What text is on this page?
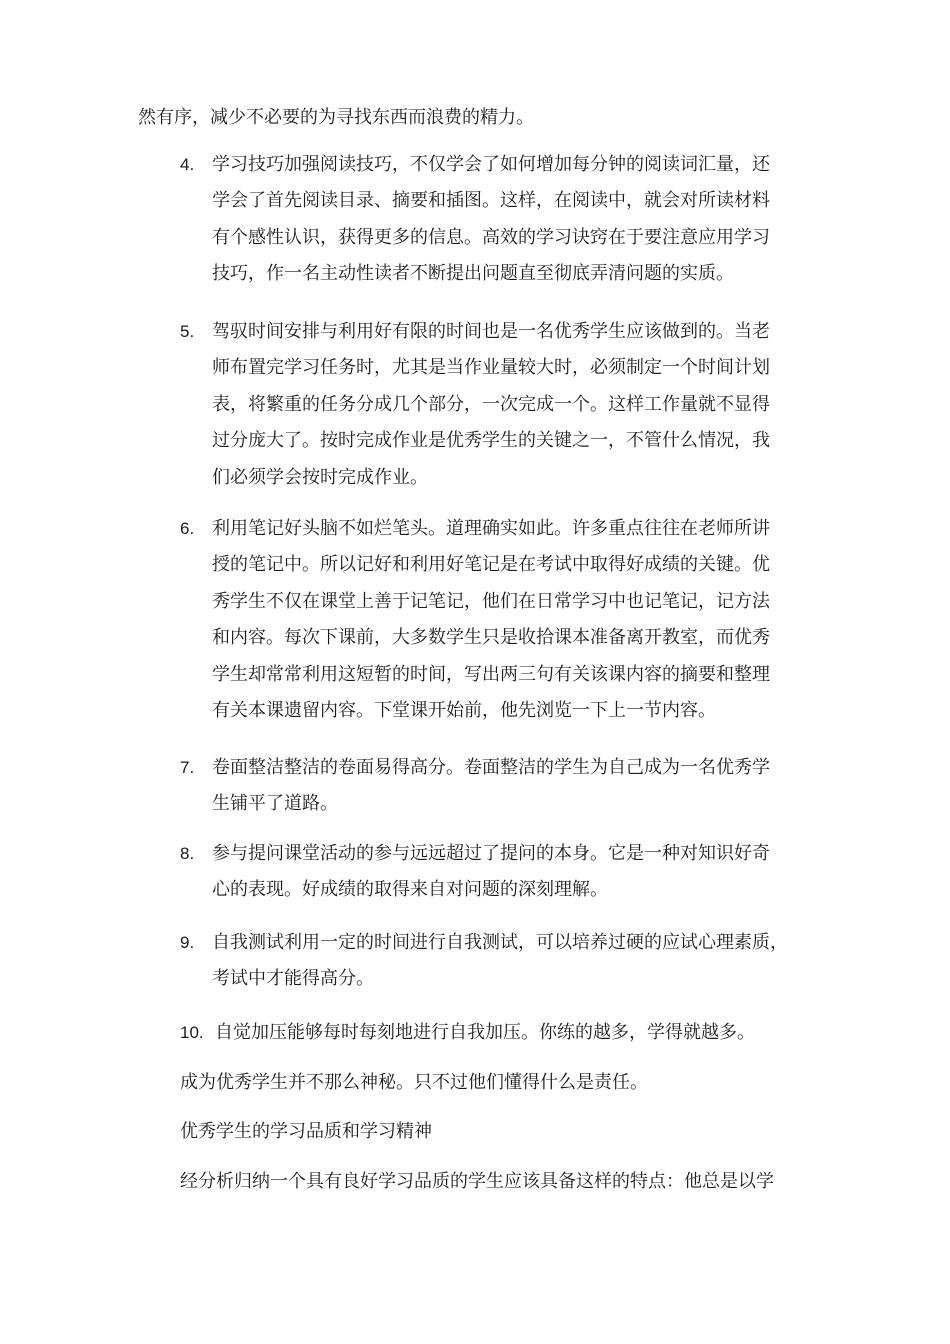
然有序，减少不必要的为寻找东西而浪费的精力。
4. 学习技巧加强阅读技巧，不仅学会了如何增加每分钟的阅读词汇量，还
学会了首先阅读目录、摘要和插图。这样，在阅读中，就会对所读材料
有个感性认识，获得更多的信息。高效的学习诀窍在于要注意应用学习
技巧，作一名主动性读者不断提出问题直至彻底弄清问题的实质。
5. 驾驭时间安排与利用好有限的时间也是一名优秀学生应该做到的。当老
师布置完学习任务时，尤其是当作业量较大时，必须制定一个时间计划
表，将繁重的任务分成几个部分，一次完成一个。这样工作量就不显得
过分庞大了。按时完成作业是优秀学生的关键之一，不管什么情况，我
们必须学会按时完成作业。
6. 利用笔记好头脑不如烂笔头。道理确实如此。许多重点往往在老师所讲
授的笔记中。所以记好和利用好笔记是在考试中取得好成绩的关键。优
秀学生不仅在课堂上善于记笔记，他们在日常学习中也记笔记，记方法
和内容。每次下课前，大多数学生只是收拾课本准备离开教室，而优秀
学生却常常利用这短暂的时间，写出两三句有关该课内容的摘要和整理
有关本课遗留内容。下堂课开始前，他先浏览一下上一节内容。
7. 卷面整洁整洁的卷面易得高分。卷面整洁的学生为自己成为一名优秀学
生铺平了道路。
8. 参与提问课堂活动的参与远远超过了提问的本身。它是一种对知识好奇
心的表现。好成绩的取得来自对问题的深刻理解。
9. 自我测试利用一定的时间进行自我测试，可以培养过硬的应试心理素质，
考试中才能得高分。
10. 自觉加压能够每时每刻地进行自我加压。你练的越多，学得就越多。
成为优秀学生并不那么神秘。只不过他们懂得什么是责任。
优秀学生的学习品质和学习精神
经分析归纳一个具有良好学习品质的学生应该具备这样的特点：他总是以学
